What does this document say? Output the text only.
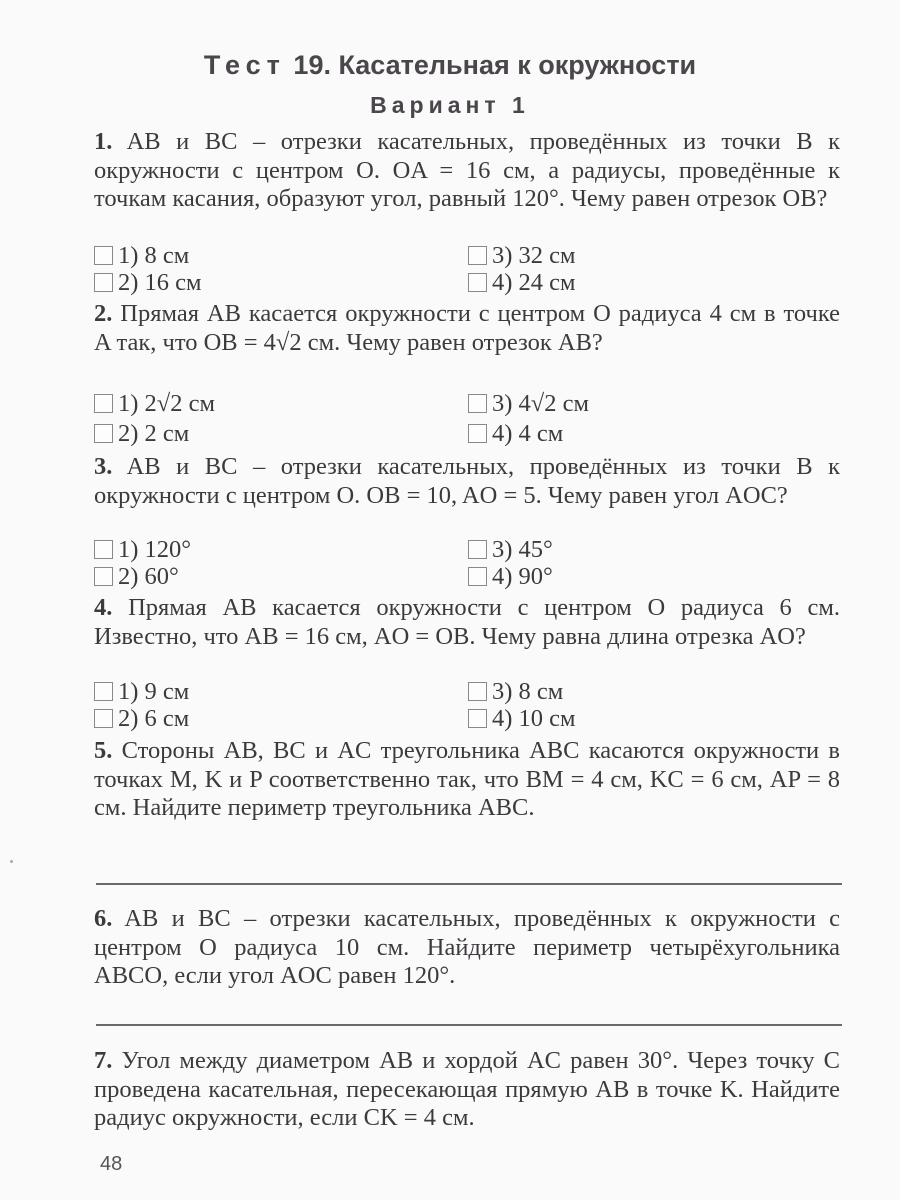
Тест 19. Касательная к окружности
Вариант 1
1. AB и BC – отрезки касательных, проведённых из точки B к окружности с центром O. OA = 16 см, а радиусы, проведённые к точкам касания, образуют угол, равный 120°. Чему равен отрезок OB?
1) 8 см
2) 16 см
3) 32 см
4) 24 см
2. Прямая AB касается окружности с центром O радиуса 4 см в точке A так, что OB = 4√2 см. Чему равен отрезок AB?
1) 2√2 см
2) 2 см
3) 4√2 см
4) 4 см
3. AB и BC – отрезки касательных, проведённых из точки B к окружности с центром O. OB = 10, AO = 5. Чему равен угол AOC?
1) 120°
2) 60°
3) 45°
4) 90°
4. Прямая AB касается окружности с центром O радиуса 6 см. Известно, что AB = 16 см, AO = OB. Чему равна длина отрезка AO?
1) 9 см
2) 6 см
3) 8 см
4) 10 см
5. Стороны AB, BC и AC треугольника ABC касаются окружности в точках M, K и P соответственно так, что BM = 4 см, KC = 6 см, AP = 8 см. Найдите периметр треугольника ABC.
6. AB и BC – отрезки касательных, проведённых к окружности с центром O радиуса 10 см. Найдите периметр четырёхугольника ABCO, если угол AOC равен 120°.
7. Угол между диаметром AB и хордой AC равен 30°. Через точку C проведена касательная, пересекающая прямую AB в точке K. Найдите радиус окружности, если CK = 4 см.
48
